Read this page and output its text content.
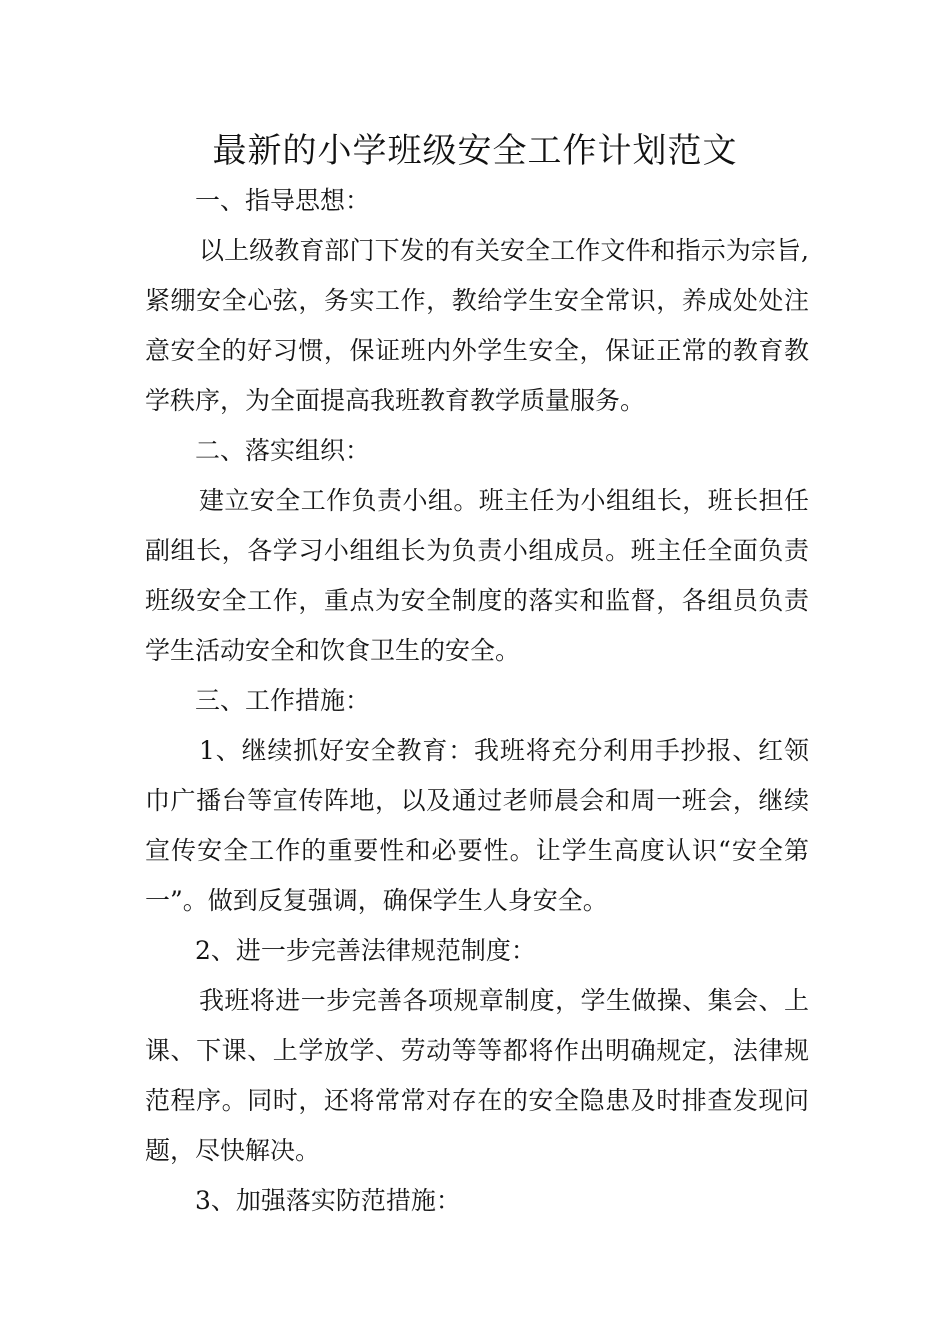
最新的小学班级安全工作计划范文
一、指导思想：

以上级教育部门下发的有关安全工作文件和指示为宗旨,紧绷安全心弦，务实工作，教给学生安全常识，养成处处注意安全的好习惯，保证班内外学生安全，保证正常的教育教学秩序，为全面提高我班教育教学质量服务。

二、落实组织：

建立安全工作负责小组。班主任为小组组长，班长担任副组长，各学习小组组长为负责小组成员。班主任全面负责班级安全工作，重点为安全制度的落实和监督，各组员负责学生活动安全和饮食卫生的安全。

三、工作措施：

1、继续抓好安全教育：我班将充分利用手抄报、红领巾广播台等宣传阵地，以及通过老师晨会和周一班会，继续宣传安全工作的重要性和必要性。让学生高度认识“安全第一”。做到反复强调，确保学生人身安全。

2、进一步完善法律规范制度：

我班将进一步完善各项规章制度，学生做操、集会、上课、下课、上学放学、劳动等等都将作出明确规定，法律规范程序。同时，还将常常对存在的安全隐患及时排查发现问题，尽快解决。

3、加强落实防范措施：
